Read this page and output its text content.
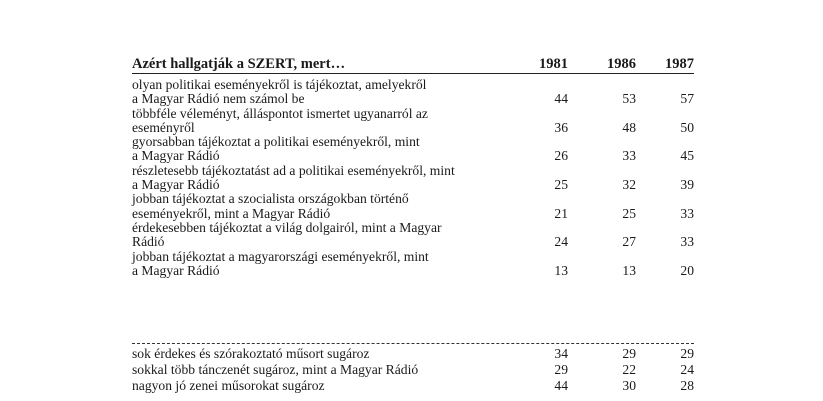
Azért hallgatják a SZERT, mert…	1981	1986	1987
olyan politikai eseményekről is tájékoztat, amelyekről
a Magyar Rádió nem számol be	44	53	57
többféle véleményt, álláspontot ismertet ugyanarról az
eseményről	36	48	50
gyorsabban tájékoztat a politikai eseményekről, mint
a Magyar Rádió	26	33	45
részletesebb tájékoztatást ad a politikai eseményekről, mint
a Magyar Rádió	25	32	39
jobban tájékoztat a szocialista országokban történő
eseményekről, mint a Magyar Rádió	21	25	33
érdekesebben tájékoztat a világ dolgairól, mint a Magyar
Rádió	24	27	33
jobban tájékoztat a magyarországi eseményekről, mint
a Magyar Rádió	13	13	20
sok érdekes és szórakoztató műsort sugároz	34	29	29
sokkal több tánczenét sugároz, mint a Magyar Rádió	29	22	24
nagyon jó zenei műsorokat sugároz	44	30	28
